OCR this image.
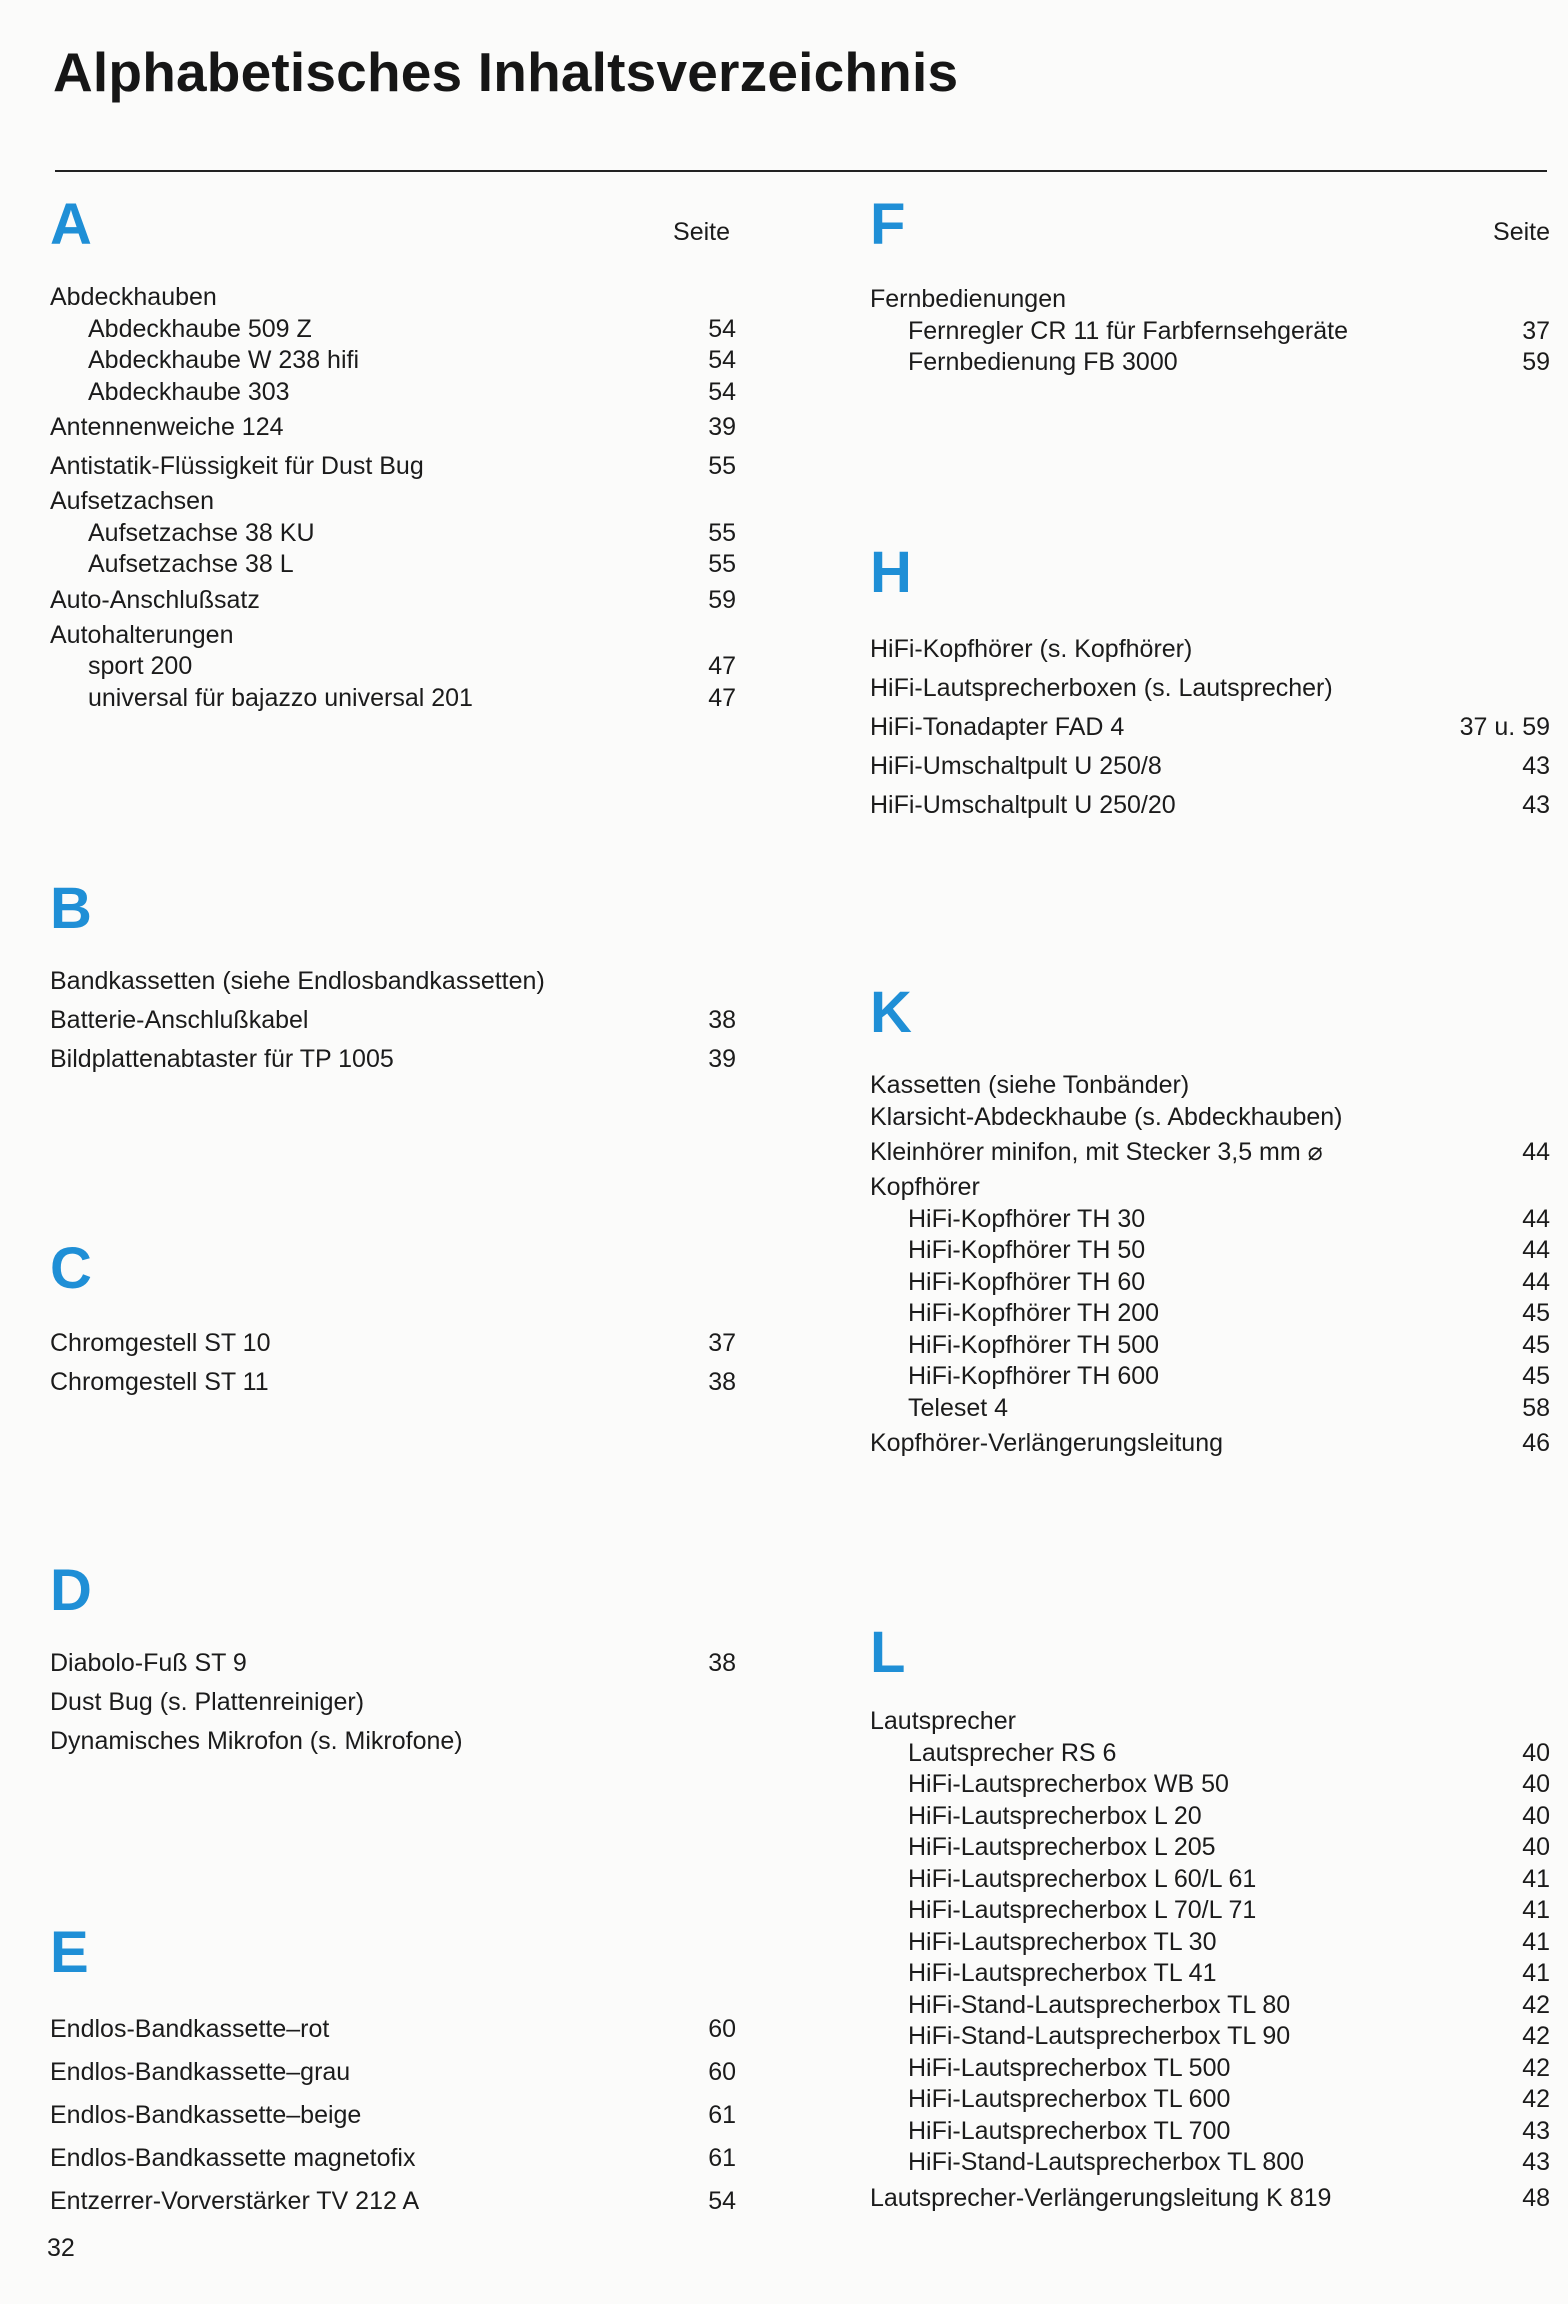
Alphabetisches Inhaltsverzeichnis
A	Seite
Abdeckhauben
Abdeckhaube 509 Z	54
Abdeckhaube W 238 hifi	54
Abdeckhaube 303	54
Antennenweiche 124	39
Antistatik-Flüssigkeit für Dust Bug	55
Aufsetzachsen
Aufsetzachse 38 KU	55
Aufsetzachse 38 L	55
Auto-Anschlußsatz	59
Autohalterungen
sport 200	47
universal für bajazzo universal 201	47
B
Bandkassetten (siehe Endlosbandkassetten)
Batterie-Anschlußkabel	38
Bildplattenabtaster für TP 1005	39
C
Chromgestell ST 10	37
Chromgestell ST 11	38
D
Diabolo-Fuß ST 9	38
Dust Bug (s. Plattenreiniger)
Dynamisches Mikrofon (s. Mikrofone)
E
Endlos-Bandkassette–rot	60
Endlos-Bandkassette–grau	60
Endlos-Bandkassette–beige	61
Endlos-Bandkassette magnetofix	61
Entzerrer-Vorverstärker TV 212 A	54
F	Seite
Fernbedienungen
Fernregler CR 11 für Farbfernsehgeräte	37
Fernbedienung FB 3000	59
H
HiFi-Kopfhörer (s. Kopfhörer)
HiFi-Lautsprecherboxen (s. Lautsprecher)
HiFi-Tonadapter FAD 4	37 u. 59
HiFi-Umschaltpult U 250/8	43
HiFi-Umschaltpult U 250/20	43
K
Kassetten (siehe Tonbänder)
Klarsicht-Abdeckhaube (s. Abdeckhauben)
Kleinhörer minifon, mit Stecker 3,5 mm ⌀	44
Kopfhörer
HiFi-Kopfhörer TH 30	44
HiFi-Kopfhörer TH 50	44
HiFi-Kopfhörer TH 60	44
HiFi-Kopfhörer TH 200	45
HiFi-Kopfhörer TH 500	45
HiFi-Kopfhörer TH 600	45
Teleset 4	58
Kopfhörer-Verlängerungsleitung	46
L
Lautsprecher
Lautsprecher RS 6	40
HiFi-Lautsprecherbox WB 50	40
HiFi-Lautsprecherbox L 20	40
HiFi-Lautsprecherbox L 205	40
HiFi-Lautsprecherbox L 60/L 61	41
HiFi-Lautsprecherbox L 70/L 71	41
HiFi-Lautsprecherbox TL 30	41
HiFi-Lautsprecherbox TL 41	41
HiFi-Stand-Lautsprecherbox TL 80	42
HiFi-Stand-Lautsprecherbox TL 90	42
HiFi-Lautsprecherbox TL 500	42
HiFi-Lautsprecherbox TL 600	42
HiFi-Lautsprecherbox TL 700	43
HiFi-Stand-Lautsprecherbox TL 800	43
Lautsprecher-Verlängerungsleitung K 819	48
32
